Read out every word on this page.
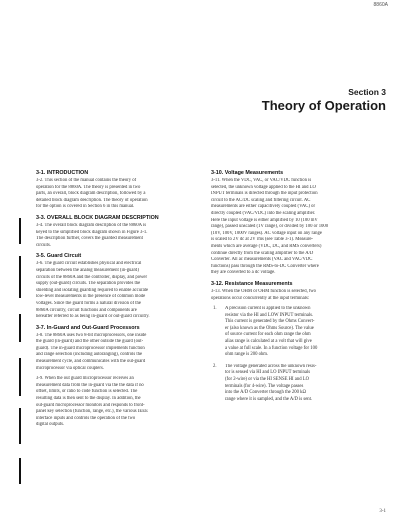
8860A
Section 3
Theory of Operation
3-1. INTRODUCTION
3-2. This section of the manual contains the theory of
operation for the 8860A. The theory is presented in two
parts, an overall, block diagram description, followed by a
detailed block diagram description. The theory of operation
for the option is covered in Section 6 in this manual.
3-3. OVERALL BLOCK DIAGRAM DESCRIPTION
3-4. The overall block diagram description of the 8860A is
keyed to the simplified block diagram shown in Figure 3-1.
The description further, covers the guarded measurement
circuits.
3-5. Guard Circuit
3-6. The guard circuit establishes physical and electrical
separation between the analog measurement (in-guard)
circuits of the 8860A and the controller, display, and power
supply (out-guard) circuits. The separation provides the
shielding and isolating guarding required to enable accurate
low-level measurements in the presence of common mode
voltages. Since the guard forms a natural division of the
8860A circuitry, circuit functions and components are
hereafter referred to as being in-guard or out-guard circuitry.
3-7. In-Guard and Out-Guard Processors
3-8. The 8860A uses two 8-bit microprocessors, one inside
the guard (in-guard) and the other outside the guard (out-
guard). The in-guard microprocessor implements function
and range selection (including autoranging), controls the
measurement cycle, and communicates with the out-guard
microprocessor via optical couplers.
3-9. When the out guard microprocessor receives an
measurement data from the in-guard via the the data if no
offset, limits, or ratio to code function is selected. The
resulting data is then sent to the display. In addition, the
out-guard microprocessor monitors and responds to front-
panel key selection (function, range, etc.), the various IEEE
interface inputs and controls the operation of the two
digital outputs.
3-10. Voltage Measurements
3-11. When the VDC, VAC, or VAC/VDC function is
selected, the unknown voltage applied to the HI and LO
INPUT terminals is directed through the input protection
circuit to the AC/DC scaling and filtering circuit. AC
measurements are either capacitively coupled (VAC) or
directly coupled (VAC/VDC) into the scaling amplifier.
Here the input voltage is either amplified by 10 (100 mV
range), passed unscaled (1V range), or divided by 100 or 1000
(10V, 100V, 1000V ranges). AC voltage input on any range
is scaled to 2V dc at 2V rms (see Table 3-1). Measure-
ments which are average (VDC, DC, and RMS converters)
continue directly from the scaling amplifier to the A/D
Converter. All ac measurements (VAC and VAC/VDC
functions) pass through the RMS-to-DC Converter where
they are converted to a dc voltage.
3-12. Resistance Measurements
3-13. When the OHM or OHM function is selected, two
operations occur concurrently at the input terminals:
1.	A precision current is applied to the unknown
resistor via the HI and LOW INPUT terminals.
This current is generated by the Ohms Convert-
er (also known as the Ohms Source). The value
of source current for each ohm range the ohm
alias range is calculated at a volt that will give
a value at full scale. In a function voltage for 100
ohm range is 200 ohm.
2.	The voltage generated across the unknown resis-
tor is sensed via HI and LO INPUT terminals
(for 2-wire) or via the HI SENSE HI and LO
terminals (for 4-wire). The voltage passes
into the A/D Converter through the 200 kΩ
range where it is sampled, and the A/D is sent.
3-1
